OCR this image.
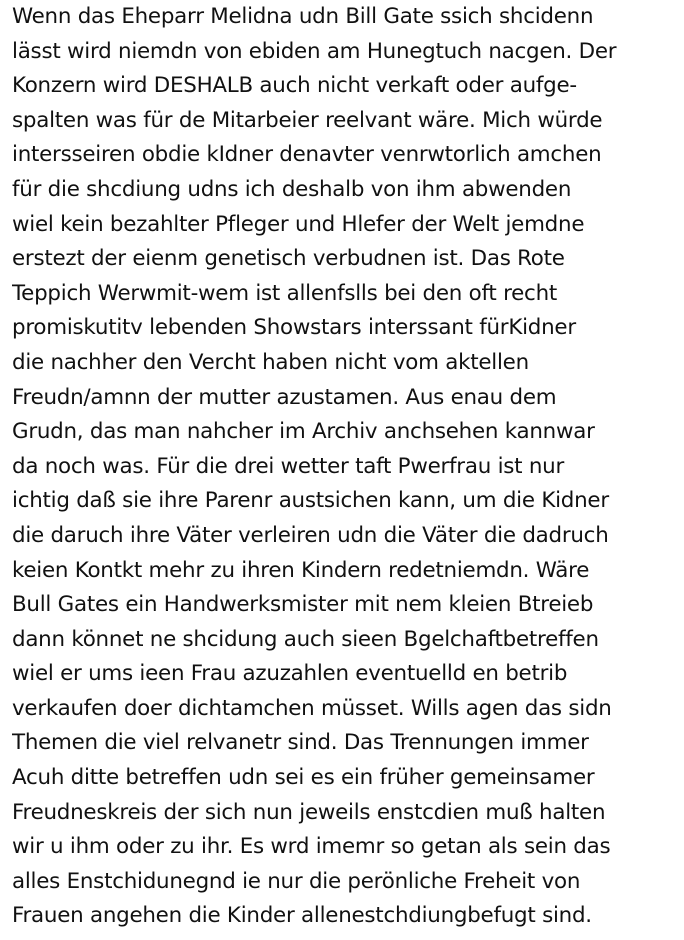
Wenn das Eheparr Melidna udn Bill Gate ssich shcidenn
lässt wird niemdn von ebiden am Hunegtuch nacgen. Der
Konzern wird DESHALB auch nicht verkaft oder aufge-
spalten was für de Mitarbeier reelvant wäre. Mich würde
intersseiren obdie kIdner denavter venrwtorlich amchen
für die shcdiung udns ich deshalb von ihm abwenden
wiel kein bezahlter Pfleger und Hlefer der Welt jemdne
erstezt der eienm genetisch verbudnen ist. Das Rote
Teppich Werwmit-wem ist allenfslls bei den oft recht
promiskutitv lebenden Showstars interssant fürKidner
die nachher den Vercht haben nicht vom aktellen
Freudn/amnn der mutter azustamen. Aus enau dem
Grudn, das man nahcher im Archiv anchsehen kannwar
da noch was. Für die drei wetter taft Pwerfrau ist nur
ichtig daß sie ihre Parenr austsichen kann, um die Kidner
die daruch ihre Väter verleiren udn die Väter die dadruch
keien Kontkt mehr zu ihren Kindern redetniemdn. Wäre
Bull Gates ein Handwerksmister mit nem kleien Btreieb
dann könnet ne shcidung auch sieen Bgelchaftbetreffen
wiel er ums ieen Frau azuzahlen eventuelld en betrib
verkaufen doer dichtamchen müsset. Wills agen das sidn
Themen die viel relvanetr sind. Das Trennungen immer
Acuh ditte betreffen udn sei es ein früher gemeinsamer
Freudneskreis der sich nun jeweils enstcdien muß halten
wir u ihm oder zu ihr. Es wrd imemr so getan als sein das
alles Enstchidunegnd ie nur die perönliche Freheit von
Frauen angehen die Kinder allenestchdiungbefugt sind.
